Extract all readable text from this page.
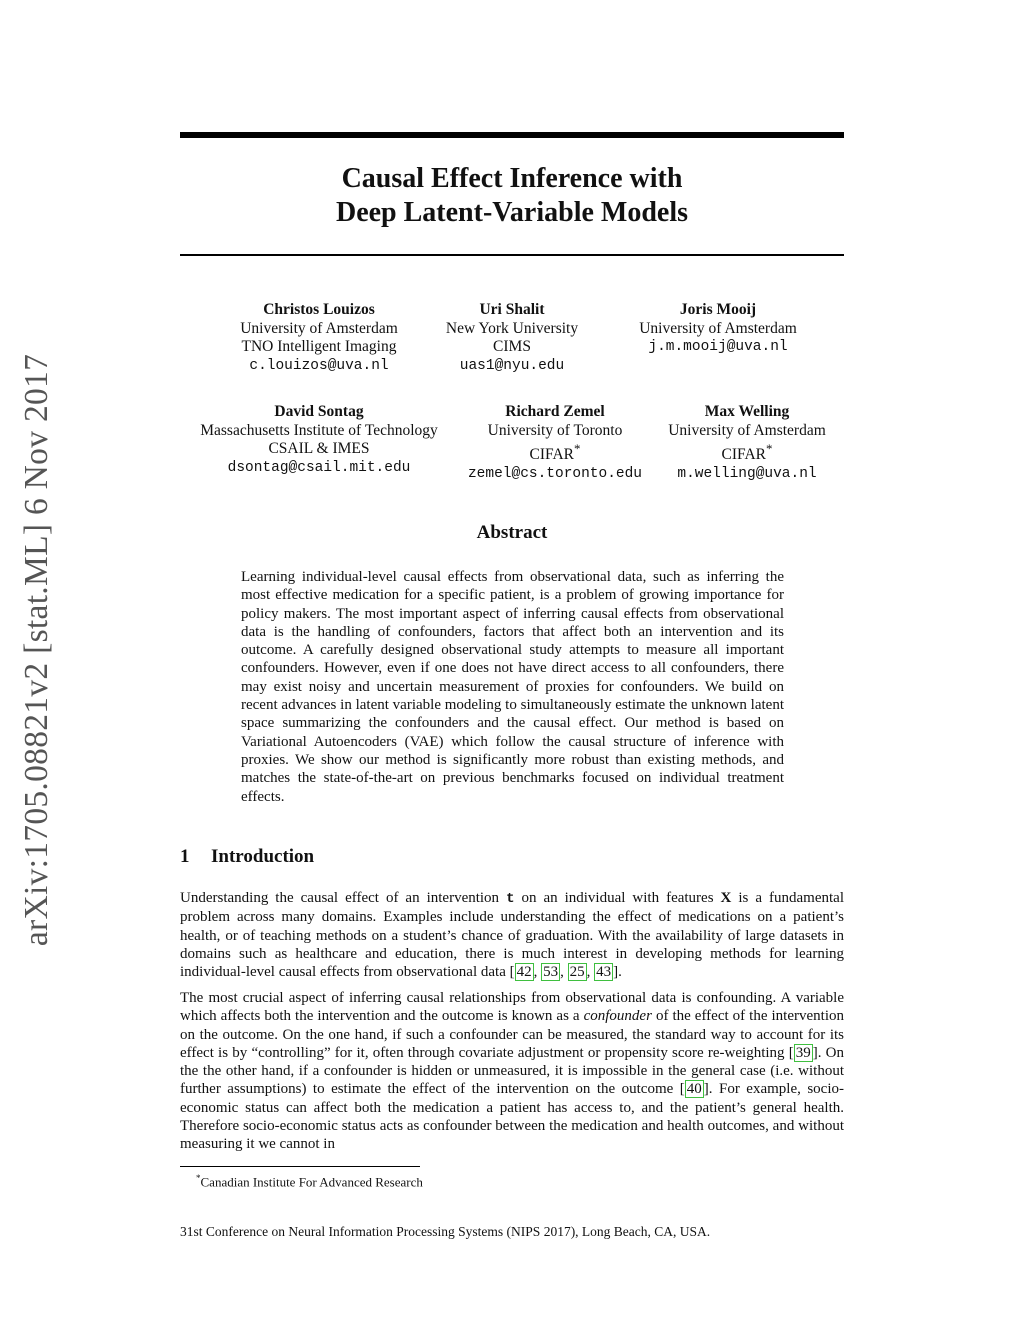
arXiv:1705.08821v2 [stat.ML] 6 Nov 2017
Causal Effect Inference with
Deep Latent-Variable Models
Christos Louizos
University of Amsterdam
TNO Intelligent Imaging
c.louizos@uva.nl
Uri Shalit
New York University
CIMS
uas1@nyu.edu
Joris Mooij
University of Amsterdam
j.m.mooij@uva.nl
David Sontag
Massachusetts Institute of Technology
CSAIL & IMES
dsontag@csail.mit.edu
Richard Zemel
University of Toronto
CIFAR*
zemel@cs.toronto.edu
Max Welling
University of Amsterdam
CIFAR*
m.welling@uva.nl
Abstract
Learning individual-level causal effects from observational data, such as inferring the most effective medication for a specific patient, is a problem of growing importance for policy makers. The most important aspect of inferring causal effects from observational data is the handling of confounders, factors that affect both an intervention and its outcome. A carefully designed observational study attempts to measure all important confounders. However, even if one does not have direct access to all confounders, there may exist noisy and uncertain measurement of proxies for confounders. We build on recent advances in latent variable modeling to simultaneously estimate the unknown latent space summarizing the confounders and the causal effect. Our method is based on Variational Autoencoders (VAE) which follow the causal structure of inference with proxies. We show our method is significantly more robust than existing methods, and matches the state-of-the-art on previous benchmarks focused on individual treatment effects.
1 Introduction
Understanding the causal effect of an intervention t on an individual with features X is a fundamental problem across many domains. Examples include understanding the effect of medications on a patient’s health, or of teaching methods on a student’s chance of graduation. With the availability of large datasets in domains such as healthcare and education, there is much interest in developing methods for learning individual-level causal effects from observational data [ 42 , 53 , 25 , 43 ].
The most crucial aspect of inferring causal relationships from observational data is confounding. A variable which affects both the intervention and the outcome is known as a confounder of the effect of the intervention on the outcome. On the one hand, if such a confounder can be measured, the standard way to account for its effect is by “controlling” for it, often through covariate adjustment or propensity score re-weighting [ 39 ]. On the the other hand, if a confounder is hidden or unmeasured, it is impossible in the general case (i.e. without further assumptions) to estimate the effect of the intervention on the outcome [ 40 ]. For example, socio-economic status can affect both the medication a patient has access to, and the patient’s general health. Therefore socio-economic status acts as confounder between the medication and health outcomes, and without measuring it we cannot in
*Canadian Institute For Advanced Research
31st Conference on Neural Information Processing Systems (NIPS 2017), Long Beach, CA, USA.
